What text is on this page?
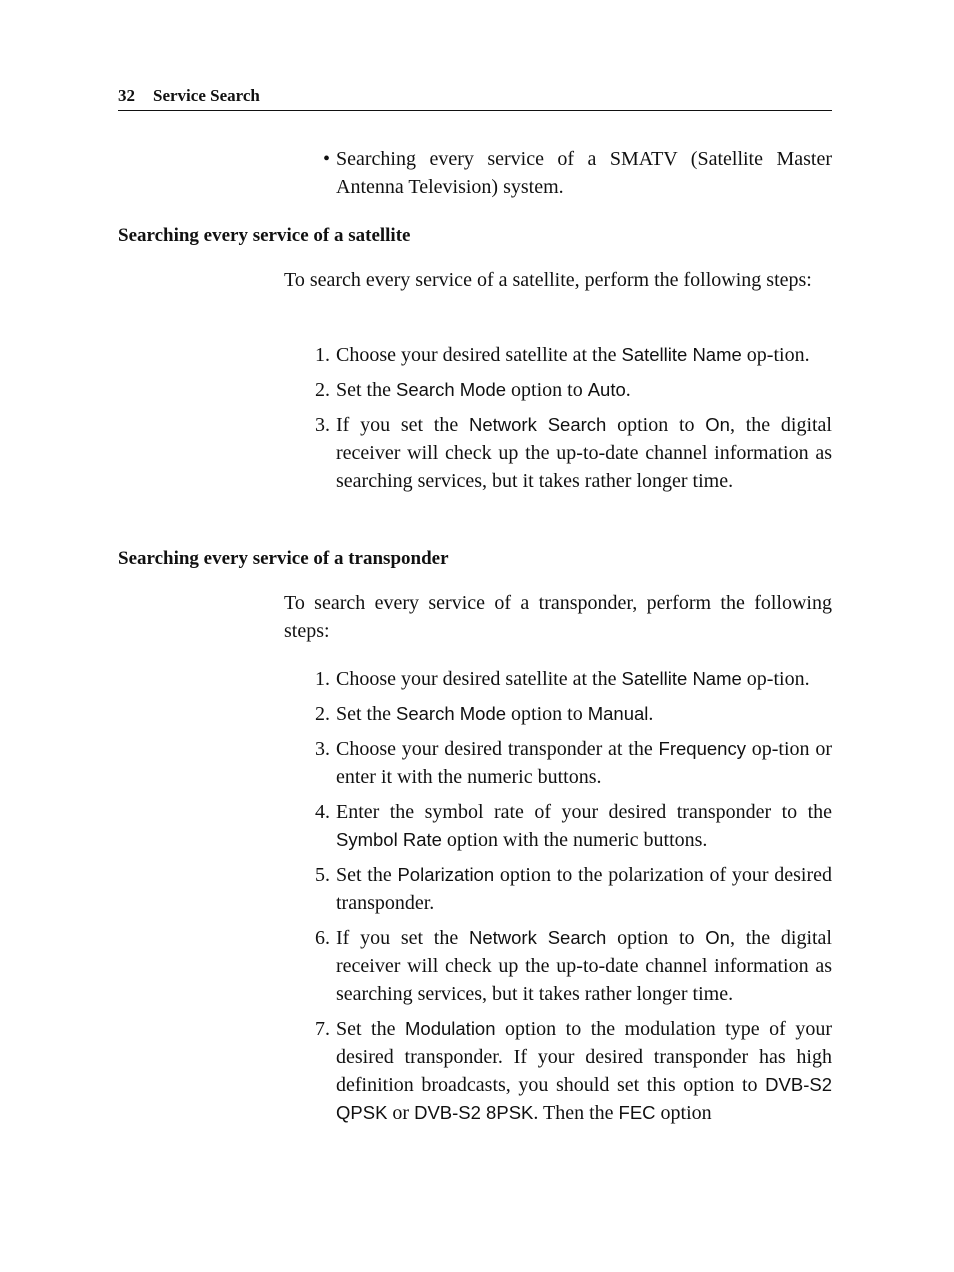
32 Service Search

• Searching every service of a SMATV (Satellite Master Antenna Television) system.

Searching every service of a satellite
To search every service of a satellite, perform the following steps:

1. Choose your desired satellite at the Satellite Name op-tion.

2. Set the Search Mode option to Auto.

3. If you set the Network Search option to On, the digital receiver will check up the up-to-date channel information as searching services, but it takes rather longer time.

Searching every service of a transponder
To search every service of a transponder, perform the following steps:

1. Choose your desired satellite at the Satellite Name op-tion.

2. Set the Search Mode option to Manual.

3. Choose your desired transponder at the Frequency op-tion or enter it with the numeric buttons.

4. Enter the symbol rate of your desired transponder to the Symbol Rate option with the numeric buttons.

5. Set the Polarization option to the polarization of your desired transponder.

6. If you set the Network Search option to On, the digital receiver will check up the up-to-date channel information as searching services, but it takes rather longer time.

7. Set the Modulation option to the modulation type of your desired transponder. If your desired transponder has high definition broadcasts, you should set this option to DVB-S2 QPSK or DVB-S2 8PSK. Then the FEC option
